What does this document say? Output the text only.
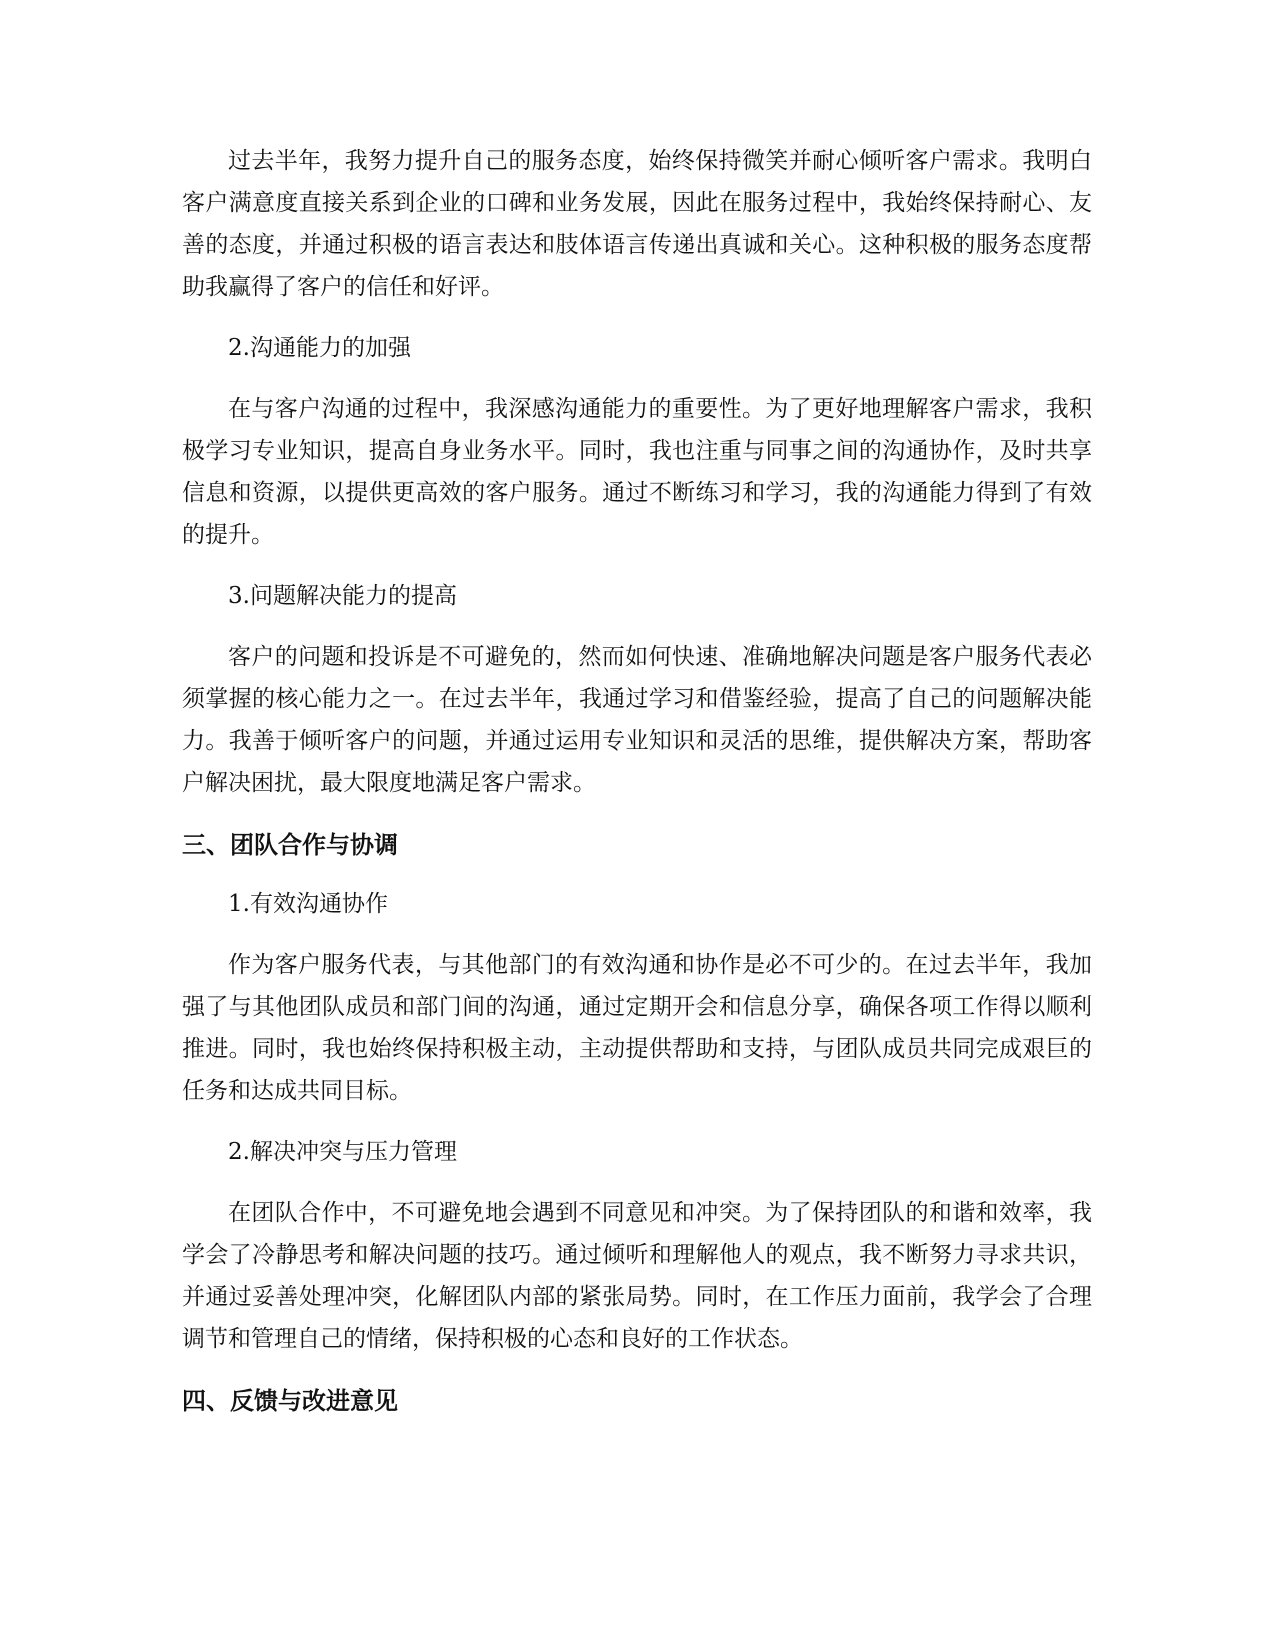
过去半年，我努力提升自己的服务态度，始终保持微笑并耐心倾听客户需求。我明白客户满意度直接关系到企业的口碑和业务发展，因此在服务过程中，我始终保持耐心、友善的态度，并通过积极的语言表达和肢体语言传递出真诚和关心。这种积极的服务态度帮助我赢得了客户的信任和好评。

2.沟通能力的加强

在与客户沟通的过程中，我深感沟通能力的重要性。为了更好地理解客户需求，我积极学习专业知识，提高自身业务水平。同时，我也注重与同事之间的沟通协作，及时共享信息和资源，以提供更高效的客户服务。通过不断练习和学习，我的沟通能力得到了有效的提升。

3.问题解决能力的提高

客户的问题和投诉是不可避免的，然而如何快速、准确地解决问题是客户服务代表必须掌握的核心能力之一。在过去半年，我通过学习和借鉴经验，提高了自己的问题解决能力。我善于倾听客户的问题，并通过运用专业知识和灵活的思维，提供解决方案，帮助客户解决困扰，最大限度地满足客户需求。

三、团队合作与协调

1.有效沟通协作

作为客户服务代表，与其他部门的有效沟通和协作是必不可少的。在过去半年，我加强了与其他团队成员和部门间的沟通，通过定期开会和信息分享，确保各项工作得以顺利推进。同时，我也始终保持积极主动，主动提供帮助和支持，与团队成员共同完成艰巨的任务和达成共同目标。

2.解决冲突与压力管理

在团队合作中，不可避免地会遇到不同意见和冲突。为了保持团队的和谐和效率，我学会了冷静思考和解决问题的技巧。通过倾听和理解他人的观点，我不断努力寻求共识，并通过妥善处理冲突，化解团队内部的紧张局势。同时，在工作压力面前，我学会了合理调节和管理自己的情绪，保持积极的心态和良好的工作状态。

四、反馈与改进意见
